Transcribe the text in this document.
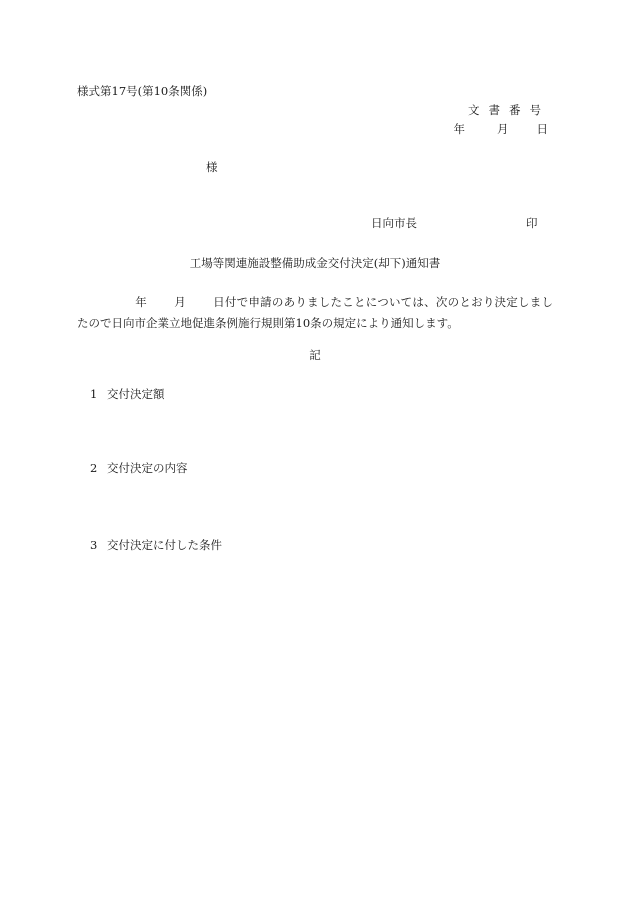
様式第17号(第10条関係)
文書番号
年	月 日
様
日向市長	印
工場等関連施設整備助成金交付決定(却下)通知書
年 月 日付で申請のありましたことについては、次のとおり決定しましたので日向市企業立地促進条例施行規則第10条の規定により通知します。
記
1 交付決定額
2 交付決定の内容
3 交付決定に付した条件
